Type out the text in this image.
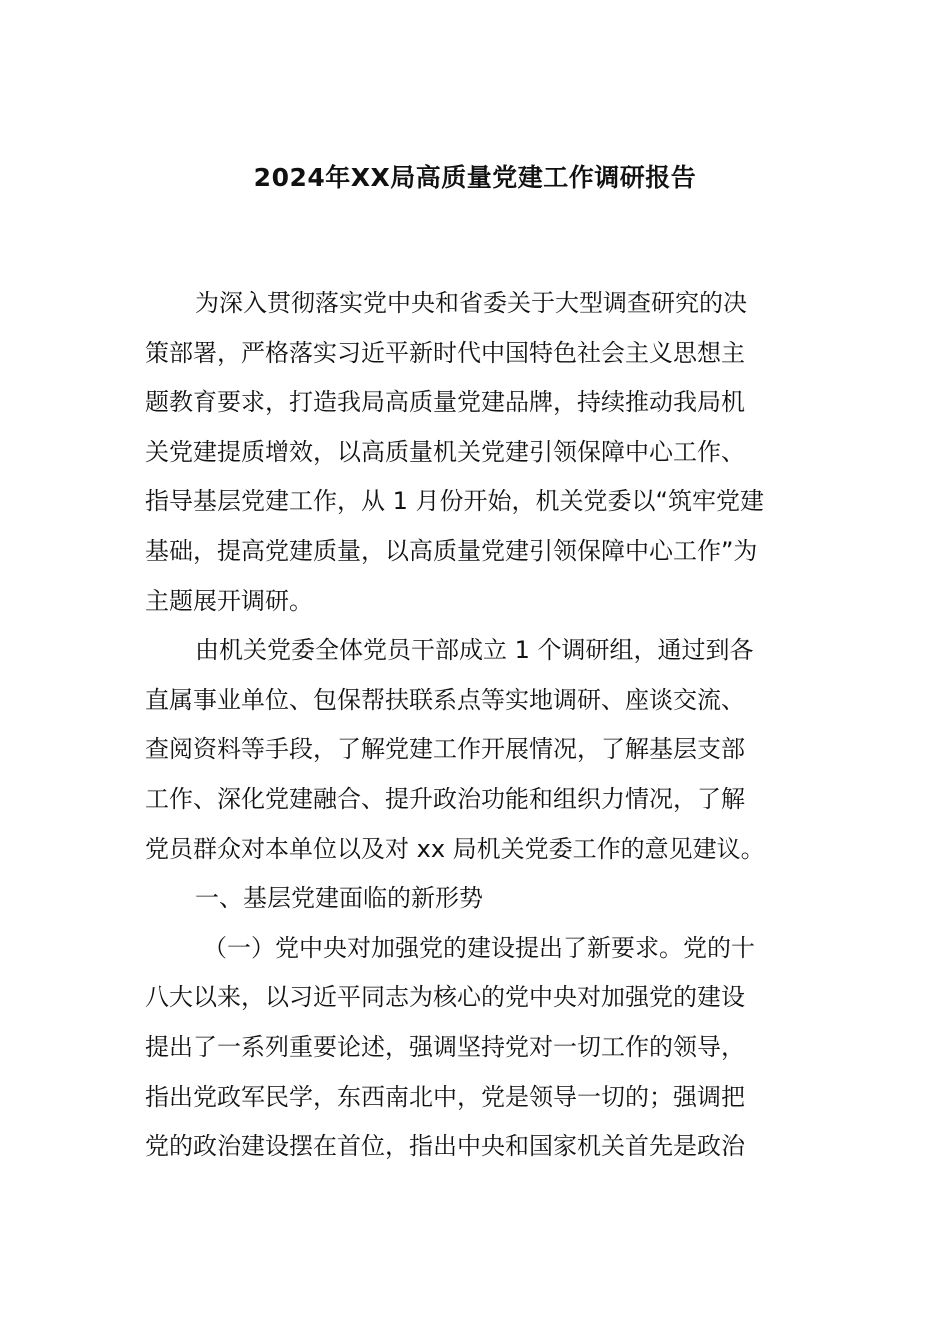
2024年XX局高质量党建工作调研报告
为深入贯彻落实党中央和省委关于大型调查研究的决
策部署，严格落实习近平新时代中国特色社会主义思想主
题教育要求，打造我局高质量党建品牌，持续推动我局机
关党建提质增效，以高质量机关党建引领保障中心工作、
指导基层党建工作，从 1 月份开始，机关党委以“筑牢党建
基础，提高党建质量，以高质量党建引领保障中心工作”为
主题展开调研。
由机关党委全体党员干部成立 1 个调研组，通过到各
直属事业单位、包保帮扶联系点等实地调研、座谈交流、
查阅资料等手段，了解党建工作开展情况，了解基层支部
工作、深化党建融合、提升政治功能和组织力情况，了解
党员群众对本单位以及对 xx 局机关党委工作的意见建议。
一、基层党建面临的新形势
（一）党中央对加强党的建设提出了新要求。党的十
八大以来，以习近平同志为核心的党中央对加强党的建设
提出了一系列重要论述，强调坚持党对一切工作的领导，
指出党政军民学，东西南北中，党是领导一切的；强调把
党的政治建设摆在首位，指出中央和国家机关首先是政治
